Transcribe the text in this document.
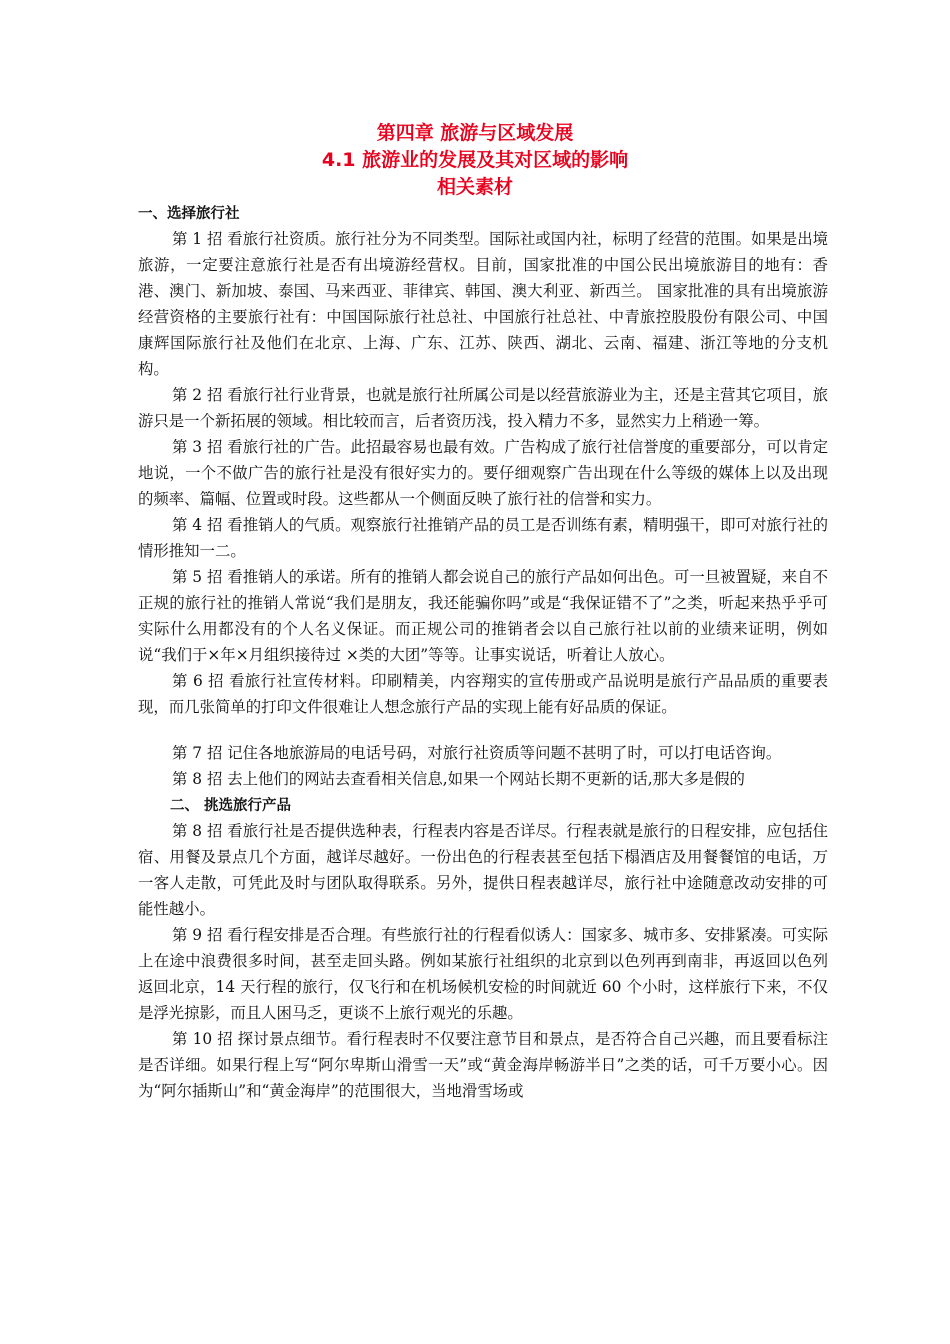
第四章 旅游与区域发展
4.1 旅游业的发展及其对区域的影响
相关素材
一、选择旅行社
第 1 招 看旅行社资质。旅行社分为不同类型。国际社或国内社，标明了经营的范围。如果是出境旅游，一定要注意旅行社是否有出境游经营权。目前，国家批准的中国公民出境旅游目的地有：香港、澳门、新加坡、泰国、马来西亚、菲律宾、韩国、澳大利亚、新西兰。 国家批准的具有出境旅游经营资格的主要旅行社有：中国国际旅行社总社、中国旅行社总社、中青旅控股股份有限公司、中国康辉国际旅行社及他们在北京、上海、广东、江苏、陕西、湖北、云南、福建、浙江等地的分支机构。
第 2 招 看旅行社行业背景，也就是旅行社所属公司是以经营旅游业为主，还是主营其它项目，旅游只是一个新拓展的领域。相比较而言，后者资历浅，投入精力不多，显然实力上稍逊一筹。
第 3 招 看旅行社的广告。此招最容易也最有效。广告构成了旅行社信誉度的重要部分，可以肯定地说，一个不做广告的旅行社是没有很好实力的。要仔细观察广告出现在什么等级的媒体上以及出现的频率、篇幅、位置或时段。这些都从一个侧面反映了旅行社的信誉和实力。
第 4 招 看推销人的气质。观察旅行社推销产品的员工是否训练有素，精明强干，即可对旅行社的情形推知一二。
第 5 招 看推销人的承诺。所有的推销人都会说自己的旅行产品如何出色。可一旦被置疑，来自不正规的旅行社的推销人常说“我们是朋友，我还能骗你吗”或是“我保证错不了”之类，听起来热乎乎可实际什么用都没有的个人名义保证。而正规公司的推销者会以自己旅行社以前的业绩来证明，例如说“我们于×年×月组织接待过 ×类的大团”等等。让事实说话，听着让人放心。
第 6 招 看旅行社宣传材料。印刷精美，内容翔实的宣传册或产品说明是旅行产品品质的重要表现，而几张简单的打印文件很难让人想念旅行产品的实现上能有好品质的保证。
第 7 招 记住各地旅游局的电话号码，对旅行社资质等问题不甚明了时，可以打电话咨询。
第 8 招 去上他们的网站去查看相关信息,如果一个网站长期不更新的话,那大多是假的
二、 挑选旅行产品
第 8 招 看旅行社是否提供选种表，行程表内容是否详尽。行程表就是旅行的日程安排，应包括住宿、用餐及景点几个方面，越详尽越好。一份出色的行程表甚至包括下榻酒店及用餐餐馆的电话，万一客人走散，可凭此及时与团队取得联系。另外，提供日程表越详尽，旅行社中途随意改动安排的可能性越小。
第 9 招 看行程安排是否合理。有些旅行社的行程看似诱人：国家多、城市多、安排紧凑。可实际上在途中浪费很多时间，甚至走回头路。例如某旅行社组织的北京到以色列再到南非，再返回以色列返回北京，14 天行程的旅行，仅飞行和在机场候机安检的时间就近 60 个小时，这样旅行下来，不仅是浮光掠影，而且人困马乏，更谈不上旅行观光的乐趣。
第 10 招 探讨景点细节。看行程表时不仅要注意节目和景点，是否符合自己兴趣，而且要看标注是否详细。如果行程上写“阿尔卑斯山滑雪一天”或“黄金海岸畅游半日”之类的话，可千万要小心。因为“阿尔插斯山”和“黄金海岸”的范围很大，当地滑雪场或
